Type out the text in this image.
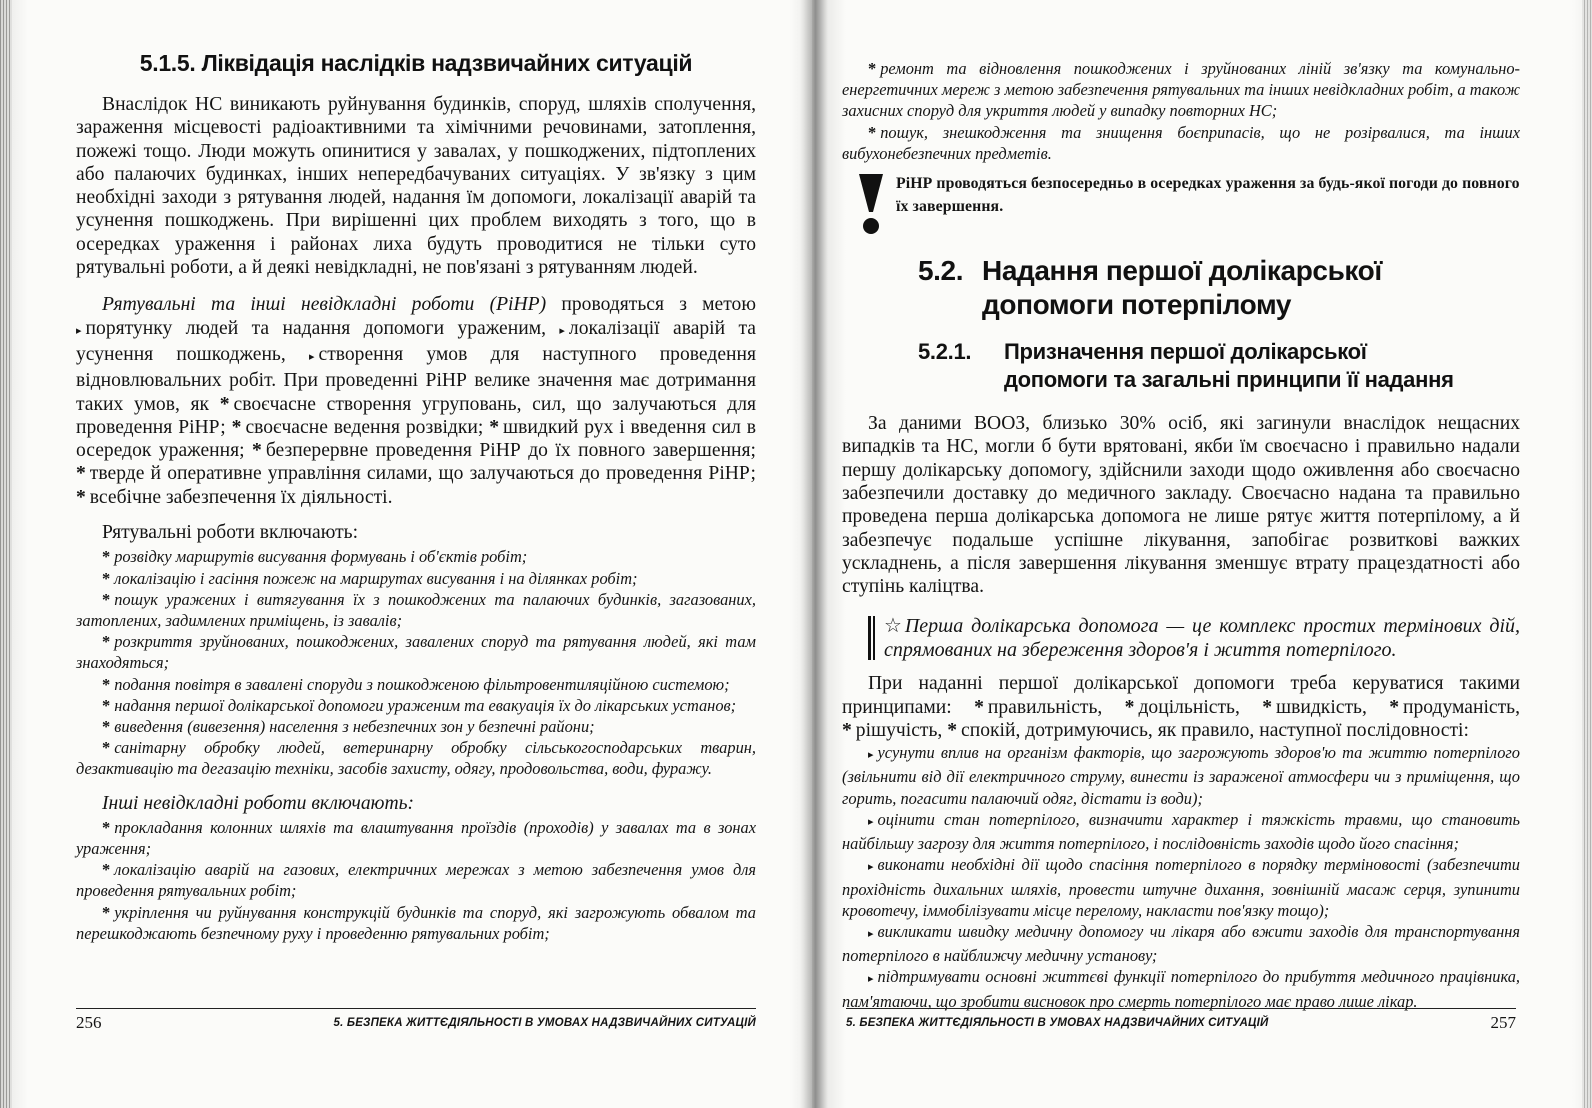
5.1.5. Ліквідація наслідків надзвичайних ситуацій

Внаслідок НС виникають руйнування будинків, споруд, шляхів сполучення, зараження місцевості радіоактивними та хімічними речовинами, затоплення, пожежі тощо. Люди можуть опинитися у завалах, у пошкоджених, підтоплених або палаючих будинках, інших непередбачуваних ситуаціях. У зв'язку з цим необхідні заходи з рятування людей, надання їм допомоги, локалізації аварій та усунення пошкоджень. При вирішенні цих проблем виходять з того, що в осередках ураження і районах лиха будуть проводитися не тільки суто рятувальні роботи, а й деякі невідкладні, не пов'язані з рятуванням людей.

Рятувальні та інші невідкладні роботи (РіНР) проводяться з метою ▸ порятунку людей та надання допомоги ураженим, ▸ локалізації аварій та усунення пошкоджень, ▸ створення умов для наступного проведення відновлювальних робіт. При проведенні РіНР велике значення має дотримання таких умов, як * своєчасне створення угруповань, сил, що залучаються для проведення РіНР; * своєчасне ведення розвідки; * швидкий рух і введення сил в осередок ураження; * безперервне проведення РіНР до їх повного завершення; * тверде й оперативне управління силами, що залучаються до проведення РіНР; * всебічне забезпечення їх діяльності.

Рятувальні роботи включають:

* розвідку маршрутів висування формувань і об'єктів робіт;
* локалізацію і гасіння пожеж на маршрутах висування і на ділянках робіт;
* пошук уражених і витягування їх з пошкоджених та палаючих будинків, загазованих, затоплених, задимлених приміщень, із завалів;
* розкриття зруйнованих, пошкоджених, завалених споруд та рятування людей, які там знаходяться;
* подання повітря в завалені споруди з пошкодженою фільтровентиляційною системою;
* надання першої долікарської допомоги ураженим та евакуація їх до лікарських установ;
* виведення (вивезення) населення з небезпечних зон у безпечні райони;
* санітарну обробку людей, ветеринарну обробку сільськогосподарських тварин, дезактивацію та дегазацію техніки, засобів захисту, одягу, продовольства, води, фуражу.

Інші невідкладні роботи включають:

* прокладання колонних шляхів та влаштування проїздів (проходів) у завалах та в зонах ураження;
* локалізацію аварій на газових, електричних мережах з метою забезпечення умов для проведення рятувальних робіт;
* укріплення чи руйнування конструкцій будинків та споруд, які загрожують обвалом та перешкоджають безпечному руху і проведенню рятувальних робіт;
256	5. БЕЗПЕКА ЖИТТЄДІЯЛЬНОСТІ В УМОВАХ НАДЗВИЧАЙНИХ СИТУАЦІЙ
* ремонт та відновлення пошкоджених і зруйнованих ліній зв'язку та комунально-енергетичних мереж з метою забезпечення рятувальних та інших невідкладних робіт, а також захисних споруд для укриття людей у випадку повторних НС;
* пошук, знешкодження та знищення боєприпасів, що не розірвалися, та інших вибухонебезпечних предметів.
РіНР проводяться безпосередньо в осередках ураження за будь-якої погоди до повного їх завершення.
5.2. Надання першої долікарської
допомоги потерпілому
5.2.1. Призначення першої долікарської
допомоги та загальні принципи її надання

За даними ВООЗ, близько 30% осіб, які загинули внаслідок нещасних випадків та НС, могли б бути врятовані, якби їм своєчасно і правильно надали першу долікарську допомогу, здійснили заходи щодо оживлення або своєчасно забезпечили доставку до медичного закладу. Своєчасно надана та правильно проведена перша долікарська допомога не лише рятує життя потерпілому, а й забезпечує подальше успішне лікування, запобігає розвиткові важких ускладнень, а після завершення лікування зменшує втрату працездатності або ступінь каліцтва.

☆Перша долікарська допомога — це комплекс простих термінових дій, спрямованих на збереження здоров'я і життя потерпілого.

При наданні першої долікарської допомоги треба керуватися такими принципами: * правильність, * доцільність, * швидкість, * продуманість, * рішучість, * спокій, дотримуючись, як правило, наступної послідовності:

▸ усунути вплив на організм факторів, що загрожують здоров'ю та життю потерпілого (звільнити від дії електричного струму, винести із зараженої атмосфери чи з приміщення, що горить, погасити палаючий одяг, дістати із води);
▸ оцінити стан потерпілого, визначити характер і тяжкість травми, що становить найбільшу загрозу для життя потерпілого, і послідовність заходів щодо його спасіння;
▸ виконати необхідні дії щодо спасіння потерпілого в порядку терміновості (забезпечити прохідність дихальних шляхів, провести штучне дихання, зовнішній масаж серця, зупинити кровотечу, іммобілізувати місце перелому, накласти пов'язку тощо);
▸ викликати швидку медичну допомогу чи лікаря або вжити заходів для транспортування потерпілого в найближчу медичну установу;
▸ підтримувати основні життєві функції потерпілого до прибуття медичного працівника, пам'ятаючи, що зробити висновок про смерть потерпілого має право лише лікар.
5. БЕЗПЕКА ЖИТТЄДІЯЛЬНОСТІ В УМОВАХ НАДЗВИЧАЙНИХ СИТУАЦІЙ	257
